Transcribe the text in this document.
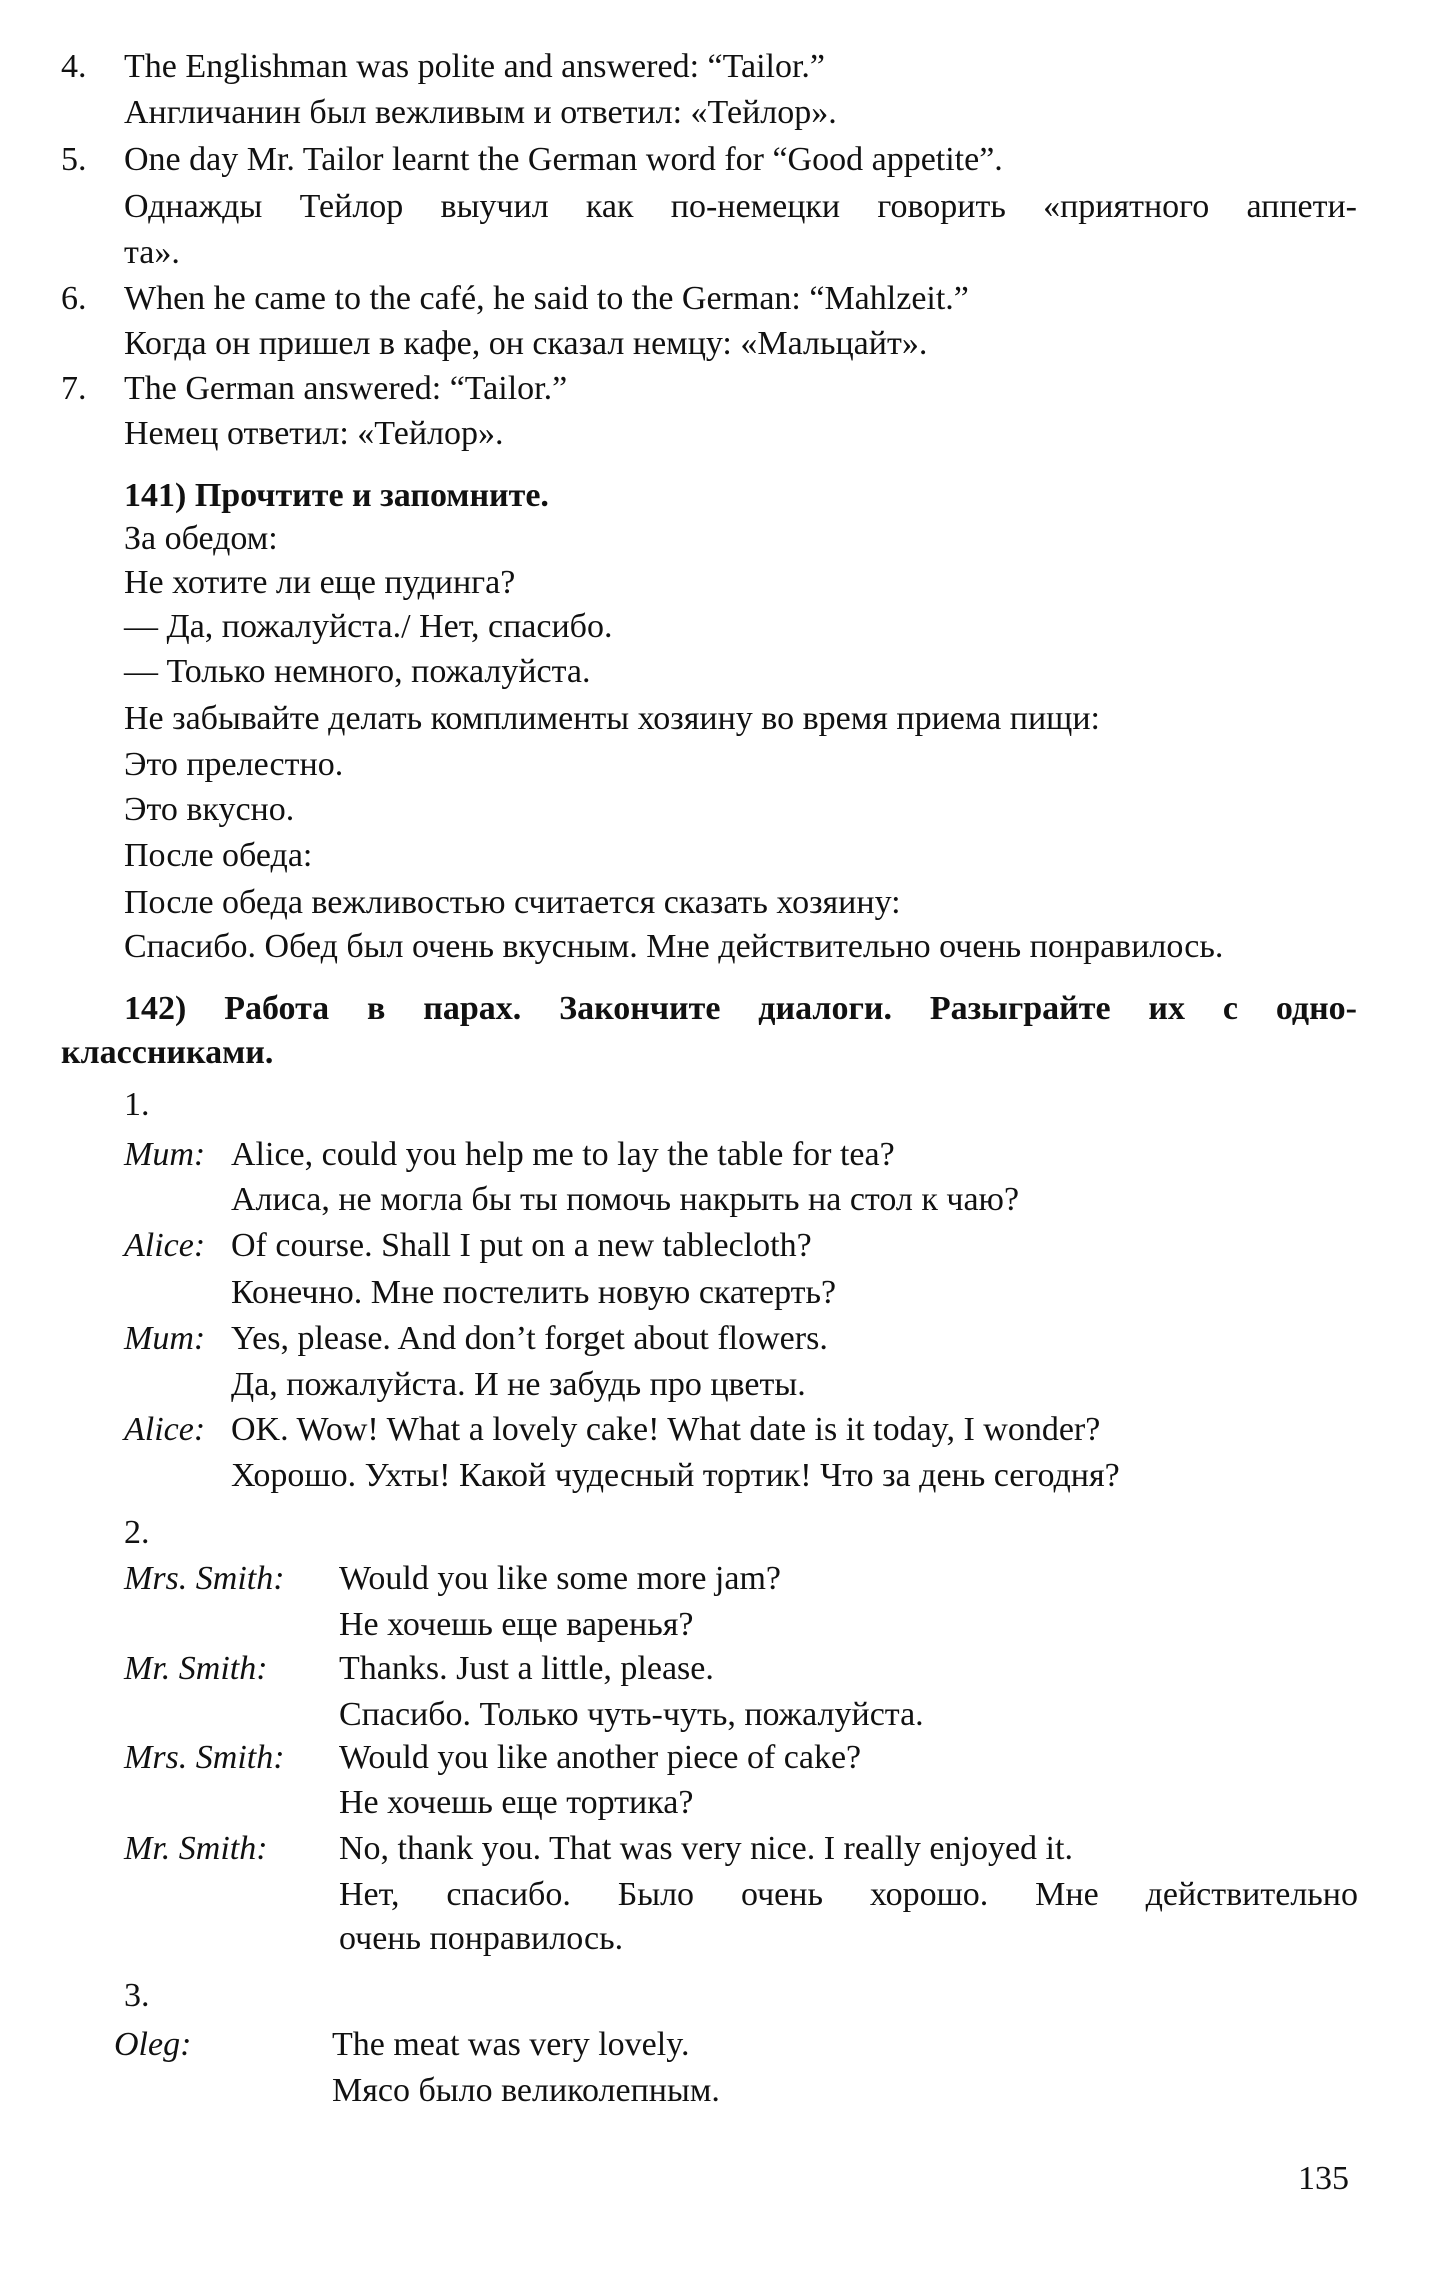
4. The Englishman was polite and answered: “Tailor.”
Англичанин был вежливым и ответил: «Тейлор».
5. One day Mr. Tailor learnt the German word for “Good appetite”.
Однажды Тейлор выучил как по-немецки говорить «приятного аппети-
та».
6. When he came to the café, he said to the German: “Mahlzeit.”
Когда он пришел в кафе, он сказал немцу: «Мальцайт».
7. The German answered: “Tailor.”
Немец ответил: «Тейлор».
141) Прочтите и запомните.
За обедом:
Не хотите ли еще пудинга?
— Да, пожалуйста./ Нет, спасибо.
— Только немного, пожалуйста.
Не забывайте делать комплименты хозяину во время приема пищи:
Это прелестно.
Это вкусно.
После обеда:
После обеда вежливостью считается сказать хозяину:
Спасибо. Обед был очень вкусным. Мне действительно очень понравилось.
142) Работа в парах. Закончите диалоги. Разыграйте их с одно-
классниками.
1.
Mum: Alice, could you help me to lay the table for tea?
Алиса, не могла бы ты помочь накрыть на стол к чаю?
Alice: Of course. Shall I put on a new tablecloth?
Конечно. Мне постелить новую скатерть?
Mum: Yes, please. And don’t forget about flowers.
Да, пожалуйста. И не забудь про цветы.
Alice: OK. Wow! What a lovely cake! What date is it today, I wonder?
Хорошо. Ухты! Какой чудесный тортик! Что за день сегодня?
2.
Mrs. Smith: Would you like some more jam?
Не хочешь еще варенья?
Mr. Smith: Thanks. Just a little, please.
Спасибо. Только чуть-чуть, пожалуйста.
Mrs. Smith: Would you like another piece of cake?
Не хочешь еще тортика?
Mr. Smith: No, thank you. That was very nice. I really enjoyed it.
Нет, спасибо. Было очень хорошо. Мне действительно
очень понравилось.
3.
Oleg:	The meat was very lovely.
Мясо было великолепным.
135
